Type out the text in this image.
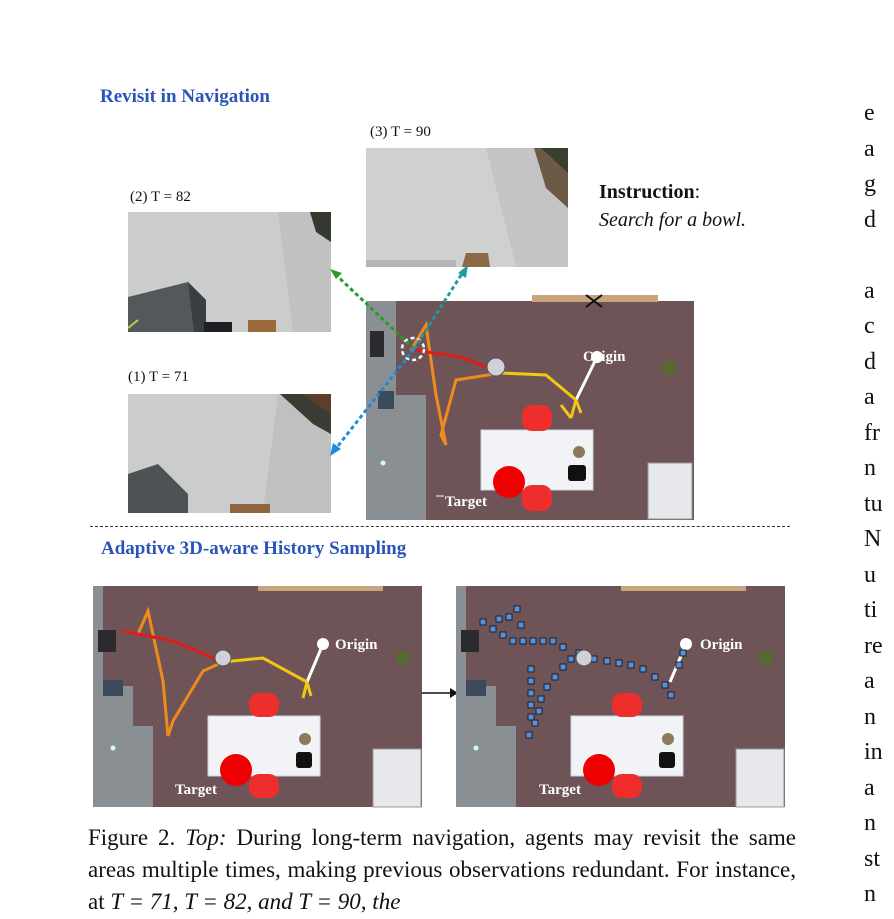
Revisit in Navigation
Adaptive 3D-aware History Sampling
(3) T = 90
(2) T = 82
(1) T = 71
Instruction:
Search for a bowl.
Origin
Target
Origin
Target
Origin
Target
Figure 2. Top: During long-term navigation, agents may revisit the same areas multiple times, making previous observations redundant. For instance, at T = 71, T = 82, and T = 90, the
e
a
g
d
a
c
d
a
fr
n
tu
N
u
ti
re
a
n
in
a
n
st
n
